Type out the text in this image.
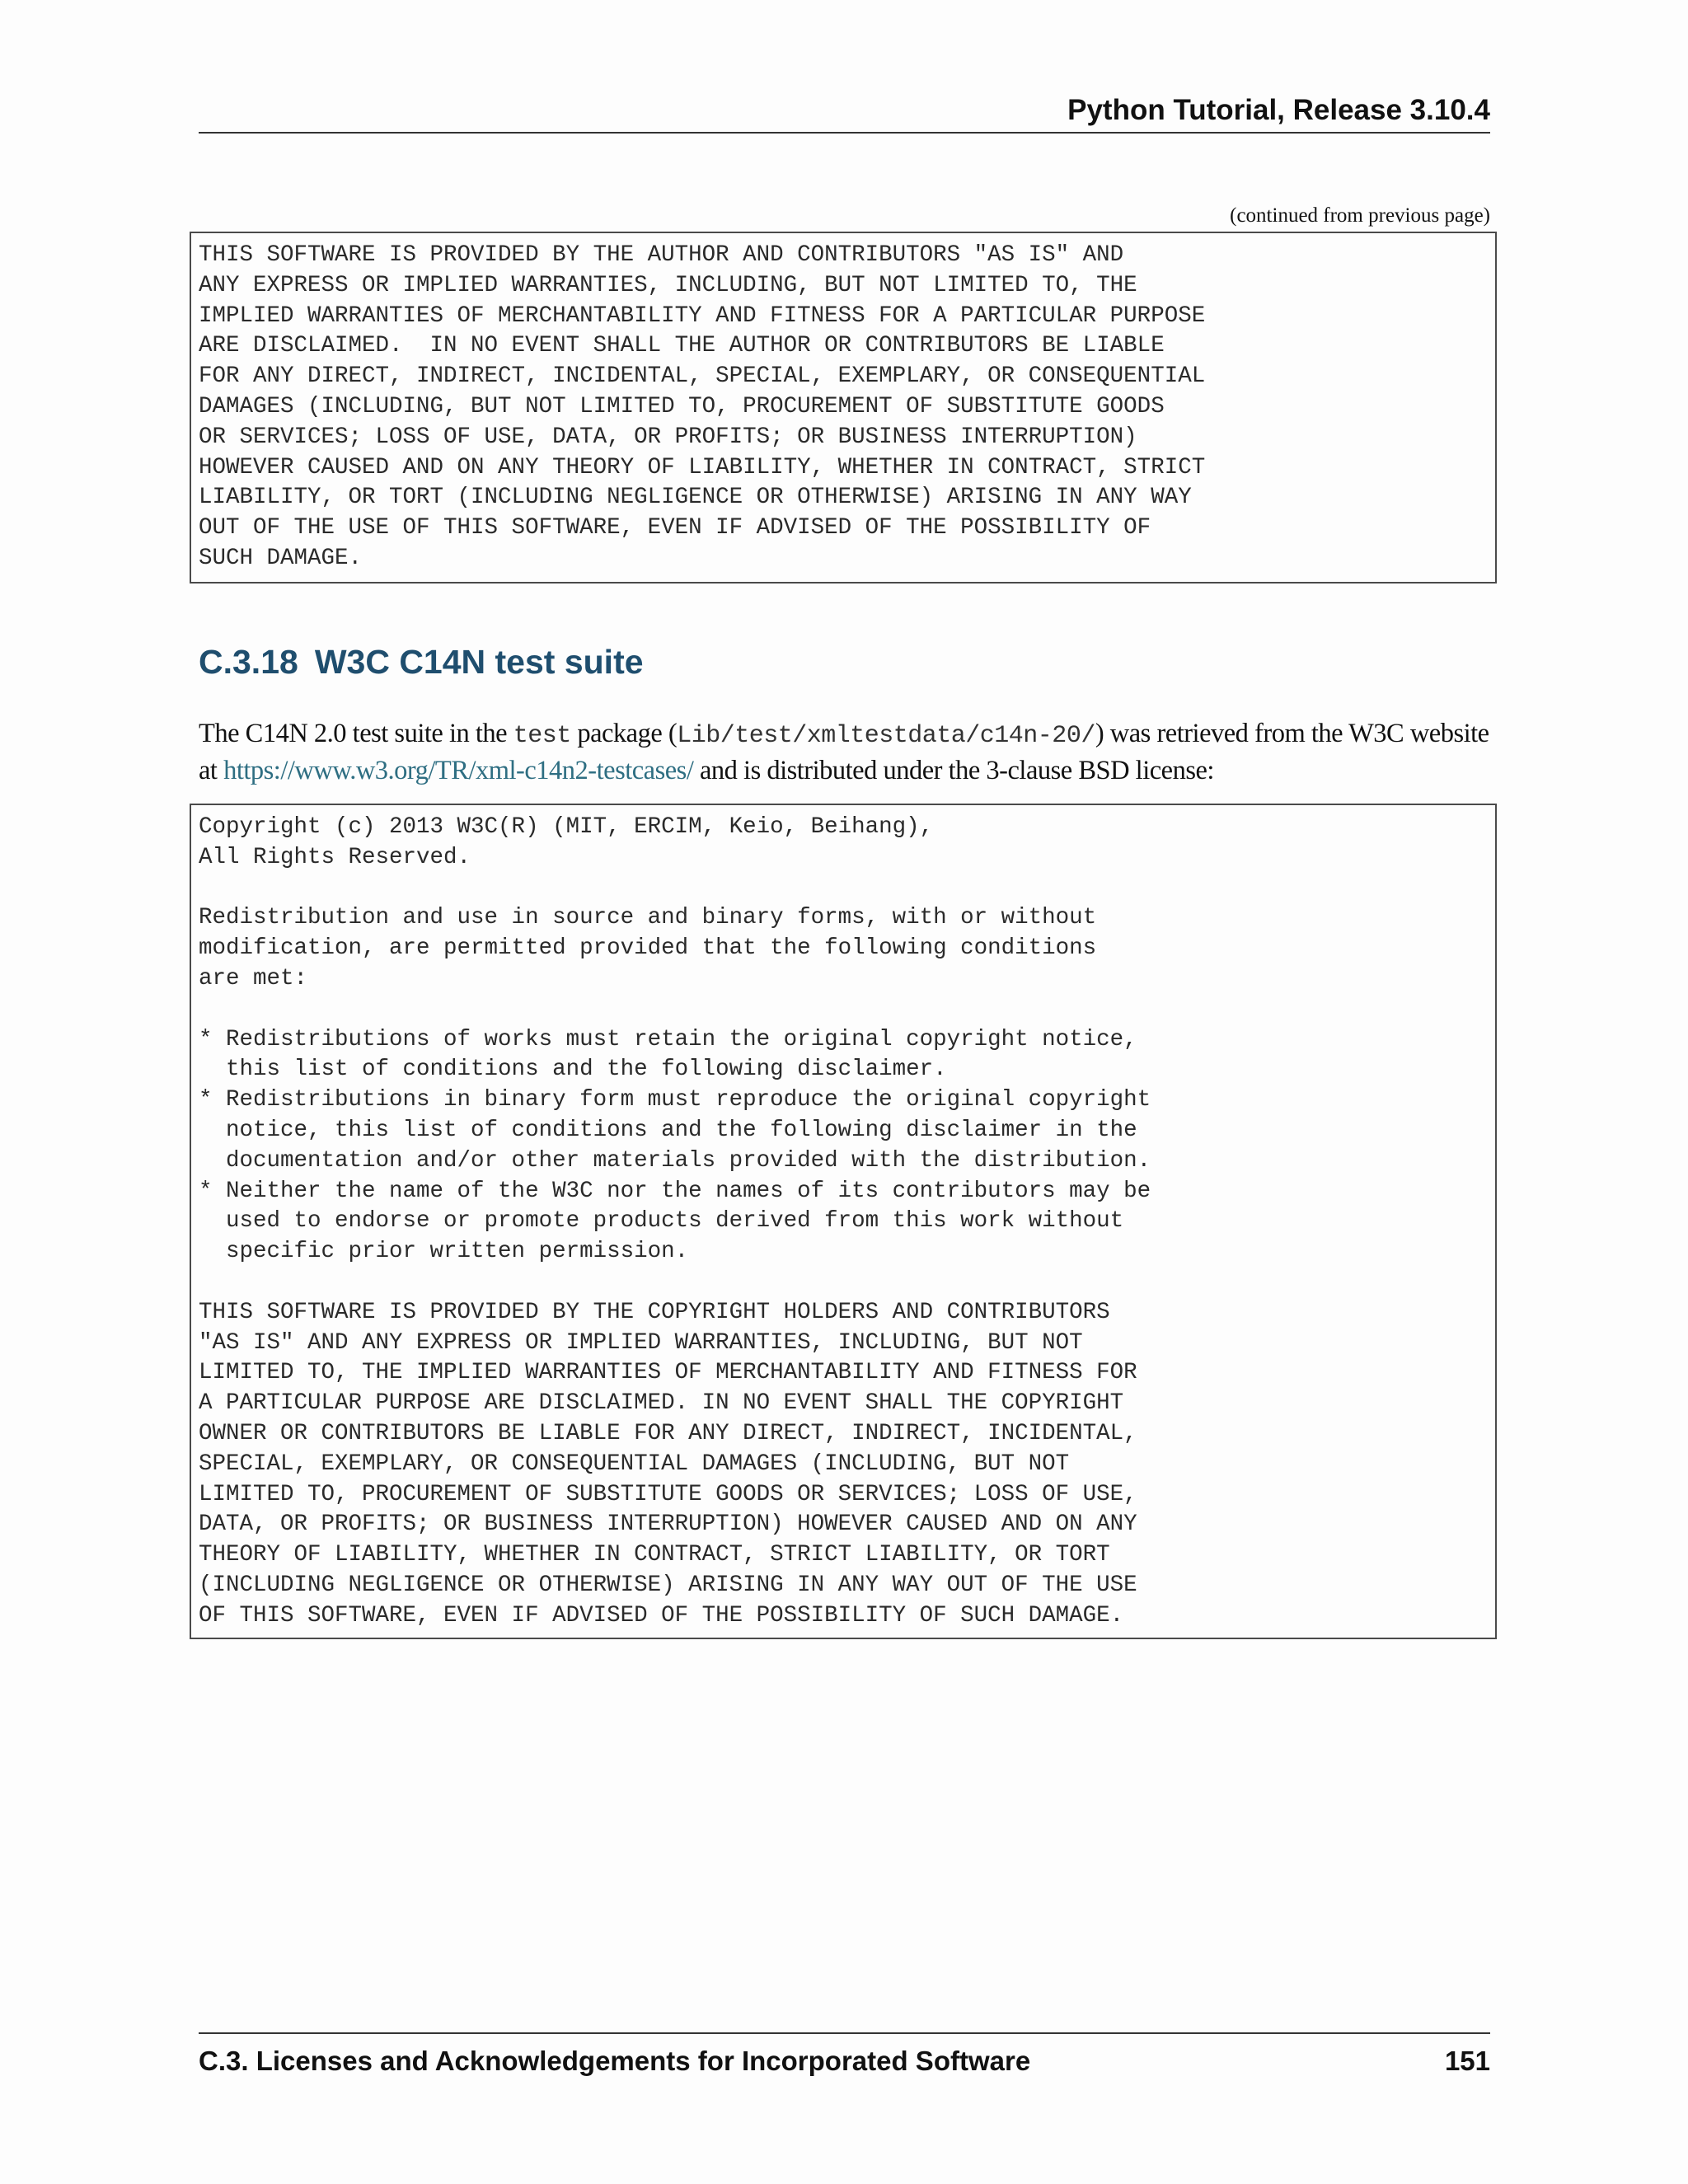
Python Tutorial, Release 3.10.4
(continued from previous page)
THIS SOFTWARE IS PROVIDED BY THE AUTHOR AND CONTRIBUTORS "AS IS" AND
ANY EXPRESS OR IMPLIED WARRANTIES, INCLUDING, BUT NOT LIMITED TO, THE
IMPLIED WARRANTIES OF MERCHANTABILITY AND FITNESS FOR A PARTICULAR PURPOSE
ARE DISCLAIMED.  IN NO EVENT SHALL THE AUTHOR OR CONTRIBUTORS BE LIABLE
FOR ANY DIRECT, INDIRECT, INCIDENTAL, SPECIAL, EXEMPLARY, OR CONSEQUENTIAL
DAMAGES (INCLUDING, BUT NOT LIMITED TO, PROCUREMENT OF SUBSTITUTE GOODS
OR SERVICES; LOSS OF USE, DATA, OR PROFITS; OR BUSINESS INTERRUPTION)
HOWEVER CAUSED AND ON ANY THEORY OF LIABILITY, WHETHER IN CONTRACT, STRICT
LIABILITY, OR TORT (INCLUDING NEGLIGENCE OR OTHERWISE) ARISING IN ANY WAY
OUT OF THE USE OF THIS SOFTWARE, EVEN IF ADVISED OF THE POSSIBILITY OF
SUCH DAMAGE.
C.3.18 W3C C14N test suite

The C14N 2.0 test suite in the test package (Lib/test/xmltestdata/c14n-20/) was retrieved from the W3C website at https://www.w3.org/TR/xml-c14n2-testcases/ and is distributed under the 3-clause BSD license:

Copyright (c) 2013 W3C(R) (MIT, ERCIM, Keio, Beihang),
All Rights Reserved.

Redistribution and use in source and binary forms, with or without
modification, are permitted provided that the following conditions
are met:

* Redistributions of works must retain the original copyright notice,
this list of conditions and the following disclaimer.
* Redistributions in binary form must reproduce the original copyright
notice, this list of conditions and the following disclaimer in the
documentation and/or other materials provided with the distribution.
* Neither the name of the W3C nor the names of its contributors may be
used to endorse or promote products derived from this work without
specific prior written permission.

THIS SOFTWARE IS PROVIDED BY THE COPYRIGHT HOLDERS AND CONTRIBUTORS
"AS IS" AND ANY EXPRESS OR IMPLIED WARRANTIES, INCLUDING, BUT NOT
LIMITED TO, THE IMPLIED WARRANTIES OF MERCHANTABILITY AND FITNESS FOR
A PARTICULAR PURPOSE ARE DISCLAIMED. IN NO EVENT SHALL THE COPYRIGHT
OWNER OR CONTRIBUTORS BE LIABLE FOR ANY DIRECT, INDIRECT, INCIDENTAL,
SPECIAL, EXEMPLARY, OR CONSEQUENTIAL DAMAGES (INCLUDING, BUT NOT
LIMITED TO, PROCUREMENT OF SUBSTITUTE GOODS OR SERVICES; LOSS OF USE,
DATA, OR PROFITS; OR BUSINESS INTERRUPTION) HOWEVER CAUSED AND ON ANY
THEORY OF LIABILITY, WHETHER IN CONTRACT, STRICT LIABILITY, OR TORT
(INCLUDING NEGLIGENCE OR OTHERWISE) ARISING IN ANY WAY OUT OF THE USE
OF THIS SOFTWARE, EVEN IF ADVISED OF THE POSSIBILITY OF SUCH DAMAGE.
C.3. Licenses and Acknowledgements for Incorporated Software	151
